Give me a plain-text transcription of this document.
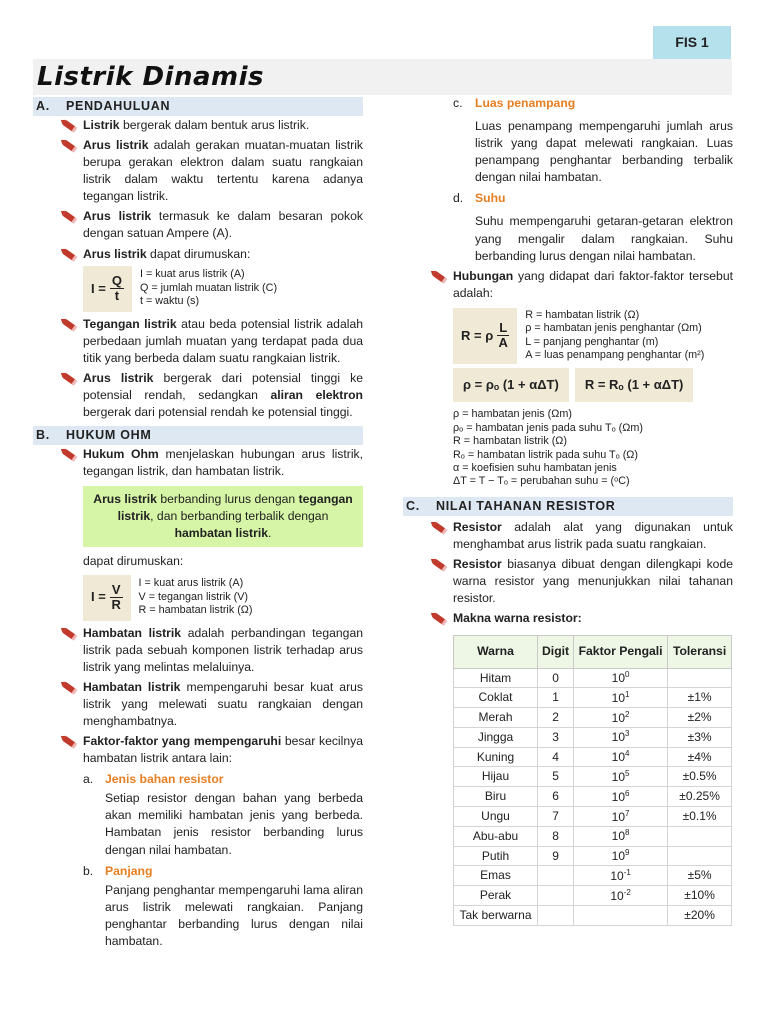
FIS 1
Listrik Dinamis
A.	PENDAHULUAN
Listrik bergerak dalam bentuk arus listrik.
Arus listrik adalah gerakan muatan-muatan listrik berupa gerakan elektron dalam suatu rangkaian listrik dalam waktu tertentu karena adanya tegangan listrik.
Arus listrik termasuk ke dalam besaran pokok dengan satuan Ampere (A).
Arus listrik dapat dirumuskan:
$I = \frac{Q}{t}$ I = kuat arus listrik (A)
Q = jumlah muatan listrik (C)
t = waktu (s)
Tegangan listrik atau beda potensial listrik adalah perbedaan jumlah muatan yang terdapat pada dua titik yang berbeda dalam suatu rangkaian listrik.
Arus listrik bergerak dari potensial tinggi ke potensial rendah, sedangkan aliran elektron bergerak dari potensial rendah ke potensial tinggi.
B.	HUKUM OHM
Hukum Ohm menjelaskan hubungan arus listrik, tegangan listrik, dan hambatan listrik.
Arus listrik berbanding lurus dengan tegangan listrik, dan berbanding terbalik dengan hambatan listrik.
dapat dirumuskan:
$I = \frac{V}{R}$ I = kuat arus listrik (A)
V = tegangan listrik (V)
R = hambatan listrik (Ω)
Hambatan listrik adalah perbandingan tegangan listrik pada sebuah komponen listrik terhadap arus listrik yang melintas melaluinya.
Hambatan listrik mempengaruhi besar kuat arus listrik yang melewati suatu rangkaian dengan menghambatnya.
Faktor-faktor yang mempengaruhi besar kecilnya hambatan listrik antara lain:
a. Jenis bahan resistor
Setiap resistor dengan bahan yang berbeda akan memiliki hambatan jenis yang berbeda. Hambatan jenis resistor berbanding lurus dengan nilai hambatan.
b. Panjang
Panjang penghantar mempengaruhi lama aliran arus listrik melewati rangkaian. Panjang penghantar berbanding lurus dengan nilai hambatan.
c.	Luas penampang
Luas penampang mempengaruhi jumlah arus listrik yang dapat melewati rangkaian. Luas penampang penghantar berbanding terbalik dengan nilai hambatan.
d. Suhu
Suhu mempengaruhi getaran-getaran elektron yang mengalir dalam rangkaian. Suhu berbanding lurus dengan nilai hambatan.
Hubungan yang didapat dari faktor-faktor tersebut adalah:
R = ρ $\frac{L}{A}$
R = hambatan listrik (Ω)
ρ = hambatan jenis penghantar (Ωm)
L = panjang penghantar (m)
A = luas penampang penghantar (m²)
ρ = ρₒ (1 + αΔT)	R = Rₒ (1 + αΔT)
ρ = hambatan jenis (Ωm)
ρₒ = hambatan jenis pada suhu Tₒ (Ωm)
R = hambatan listrik (Ω)
Rₒ = hambatan listrik pada suhu Tₒ (Ω)
α = koefisien suhu hambatan jenis
ΔT = T − Tₒ = perubahan suhu = (ᵒC)
C.	NILAI TAHANAN RESISTOR
Resistor adalah alat yang digunakan untuk menghambat arus listrik pada suatu rangkaian.
Resistor biasanya dibuat dengan dilengkapi kode warna resistor yang menunjukkan nilai tahanan resistor.
Makna warna resistor:
Warna	Digit	Faktor Pengali	Toleransi
Hitam	0	$10^0$	
Coklat	1	$10^1$	±1%
Merah	2	$10^2$	±2%
Jingga	3	$10^3$	±3%
Kuning	4	$10^4$	±4%
Hijau	5	$10^5$	±0.5%
Biru	6	$10^6$	±0.25%
Ungu	7	$10^7$	±0.1%
Abu-abu	8	$10^8$	
Putih	9	$10^9$	
Emas		$10^{-1}$	±5%
Perak		$10^{-2}$	±10%
Tak berwarna			±20%
